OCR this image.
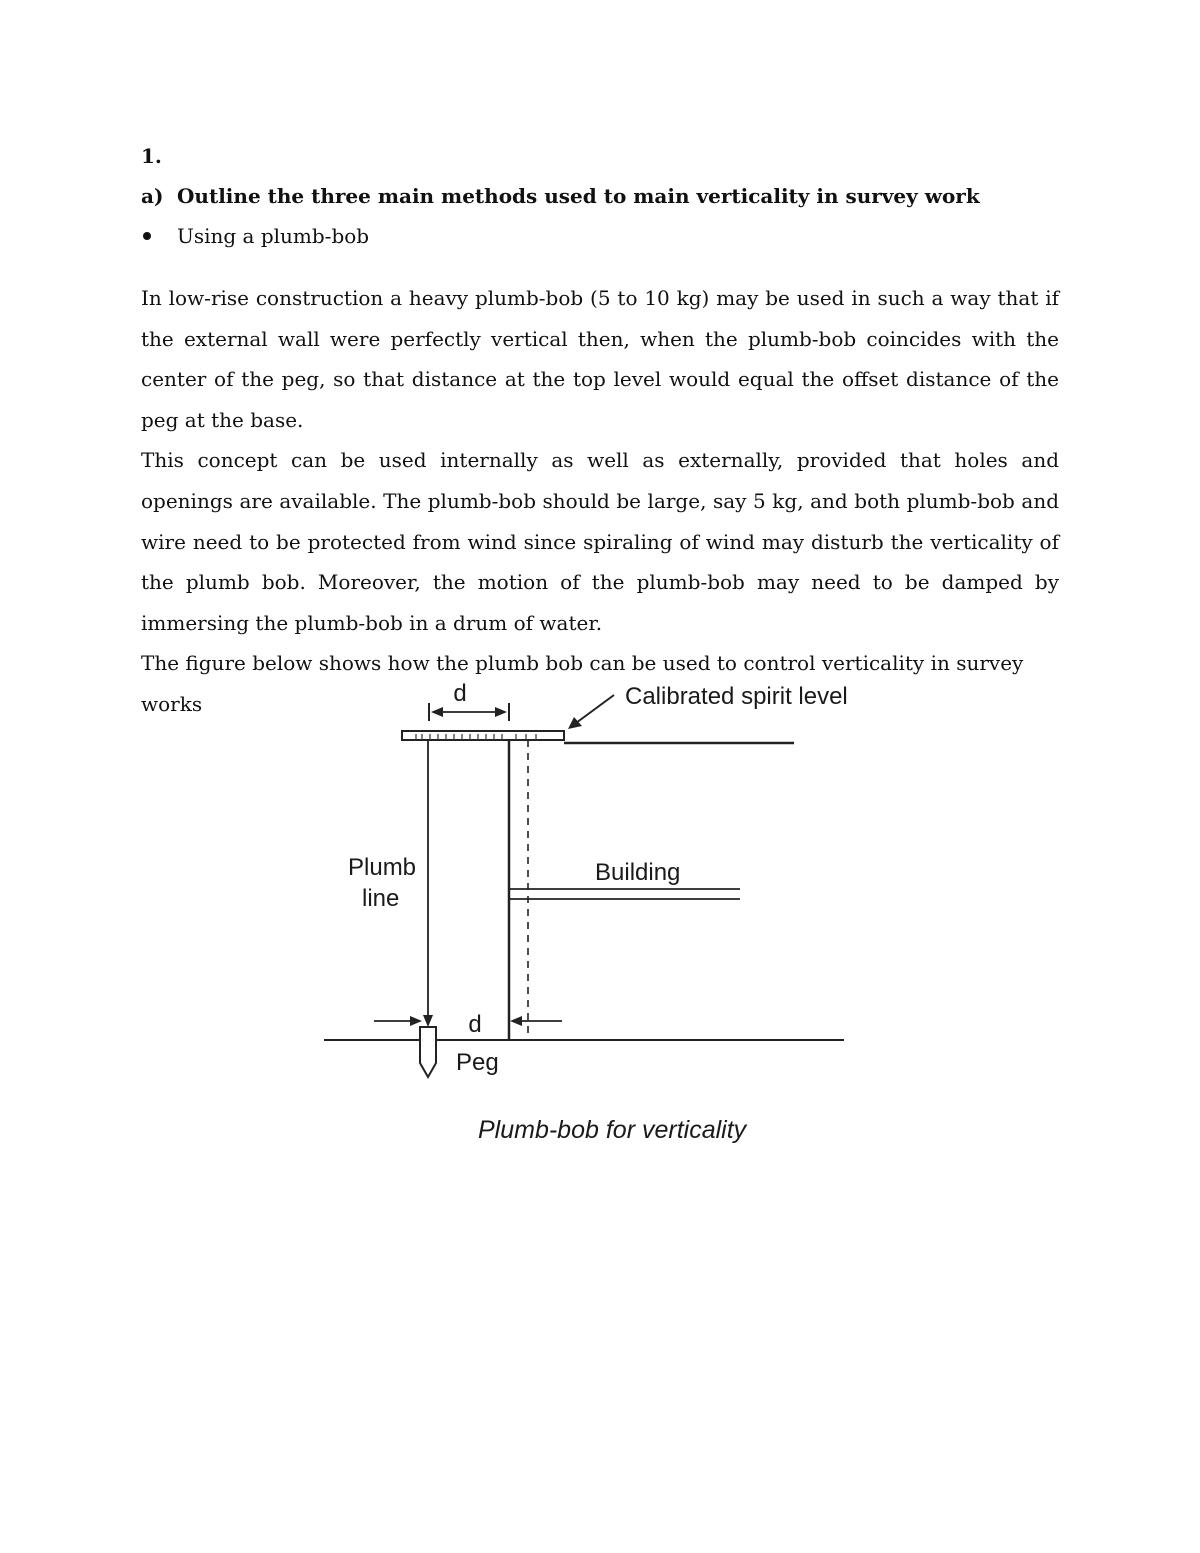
1.
a) Outline the three main methods used to main verticality in survey work
Using a plumb-bob

In low-rise construction a heavy plumb-bob (5 to 10 kg) may be used in such a way that if the external wall were perfectly vertical then, when the plumb-bob coincides with the center of the peg, so that distance at the top level would equal the offset distance of the peg at the base.

This concept can be used internally as well as externally, provided that holes and openings are available. The plumb-bob should be large, say 5 kg, and both plumb-bob and wire need to be protected from wind since spiraling of wind may disturb the verticality of the plumb bob. Moreover, the motion of the plumb-bob may need to be damped by immersing the plumb-bob in a drum of water.

The figure below shows how the plumb bob can be used to control verticality in survey works	d	Calibrated spirit level
Plumb
line
Building
d
Peg
Plumb-bob for verticality
